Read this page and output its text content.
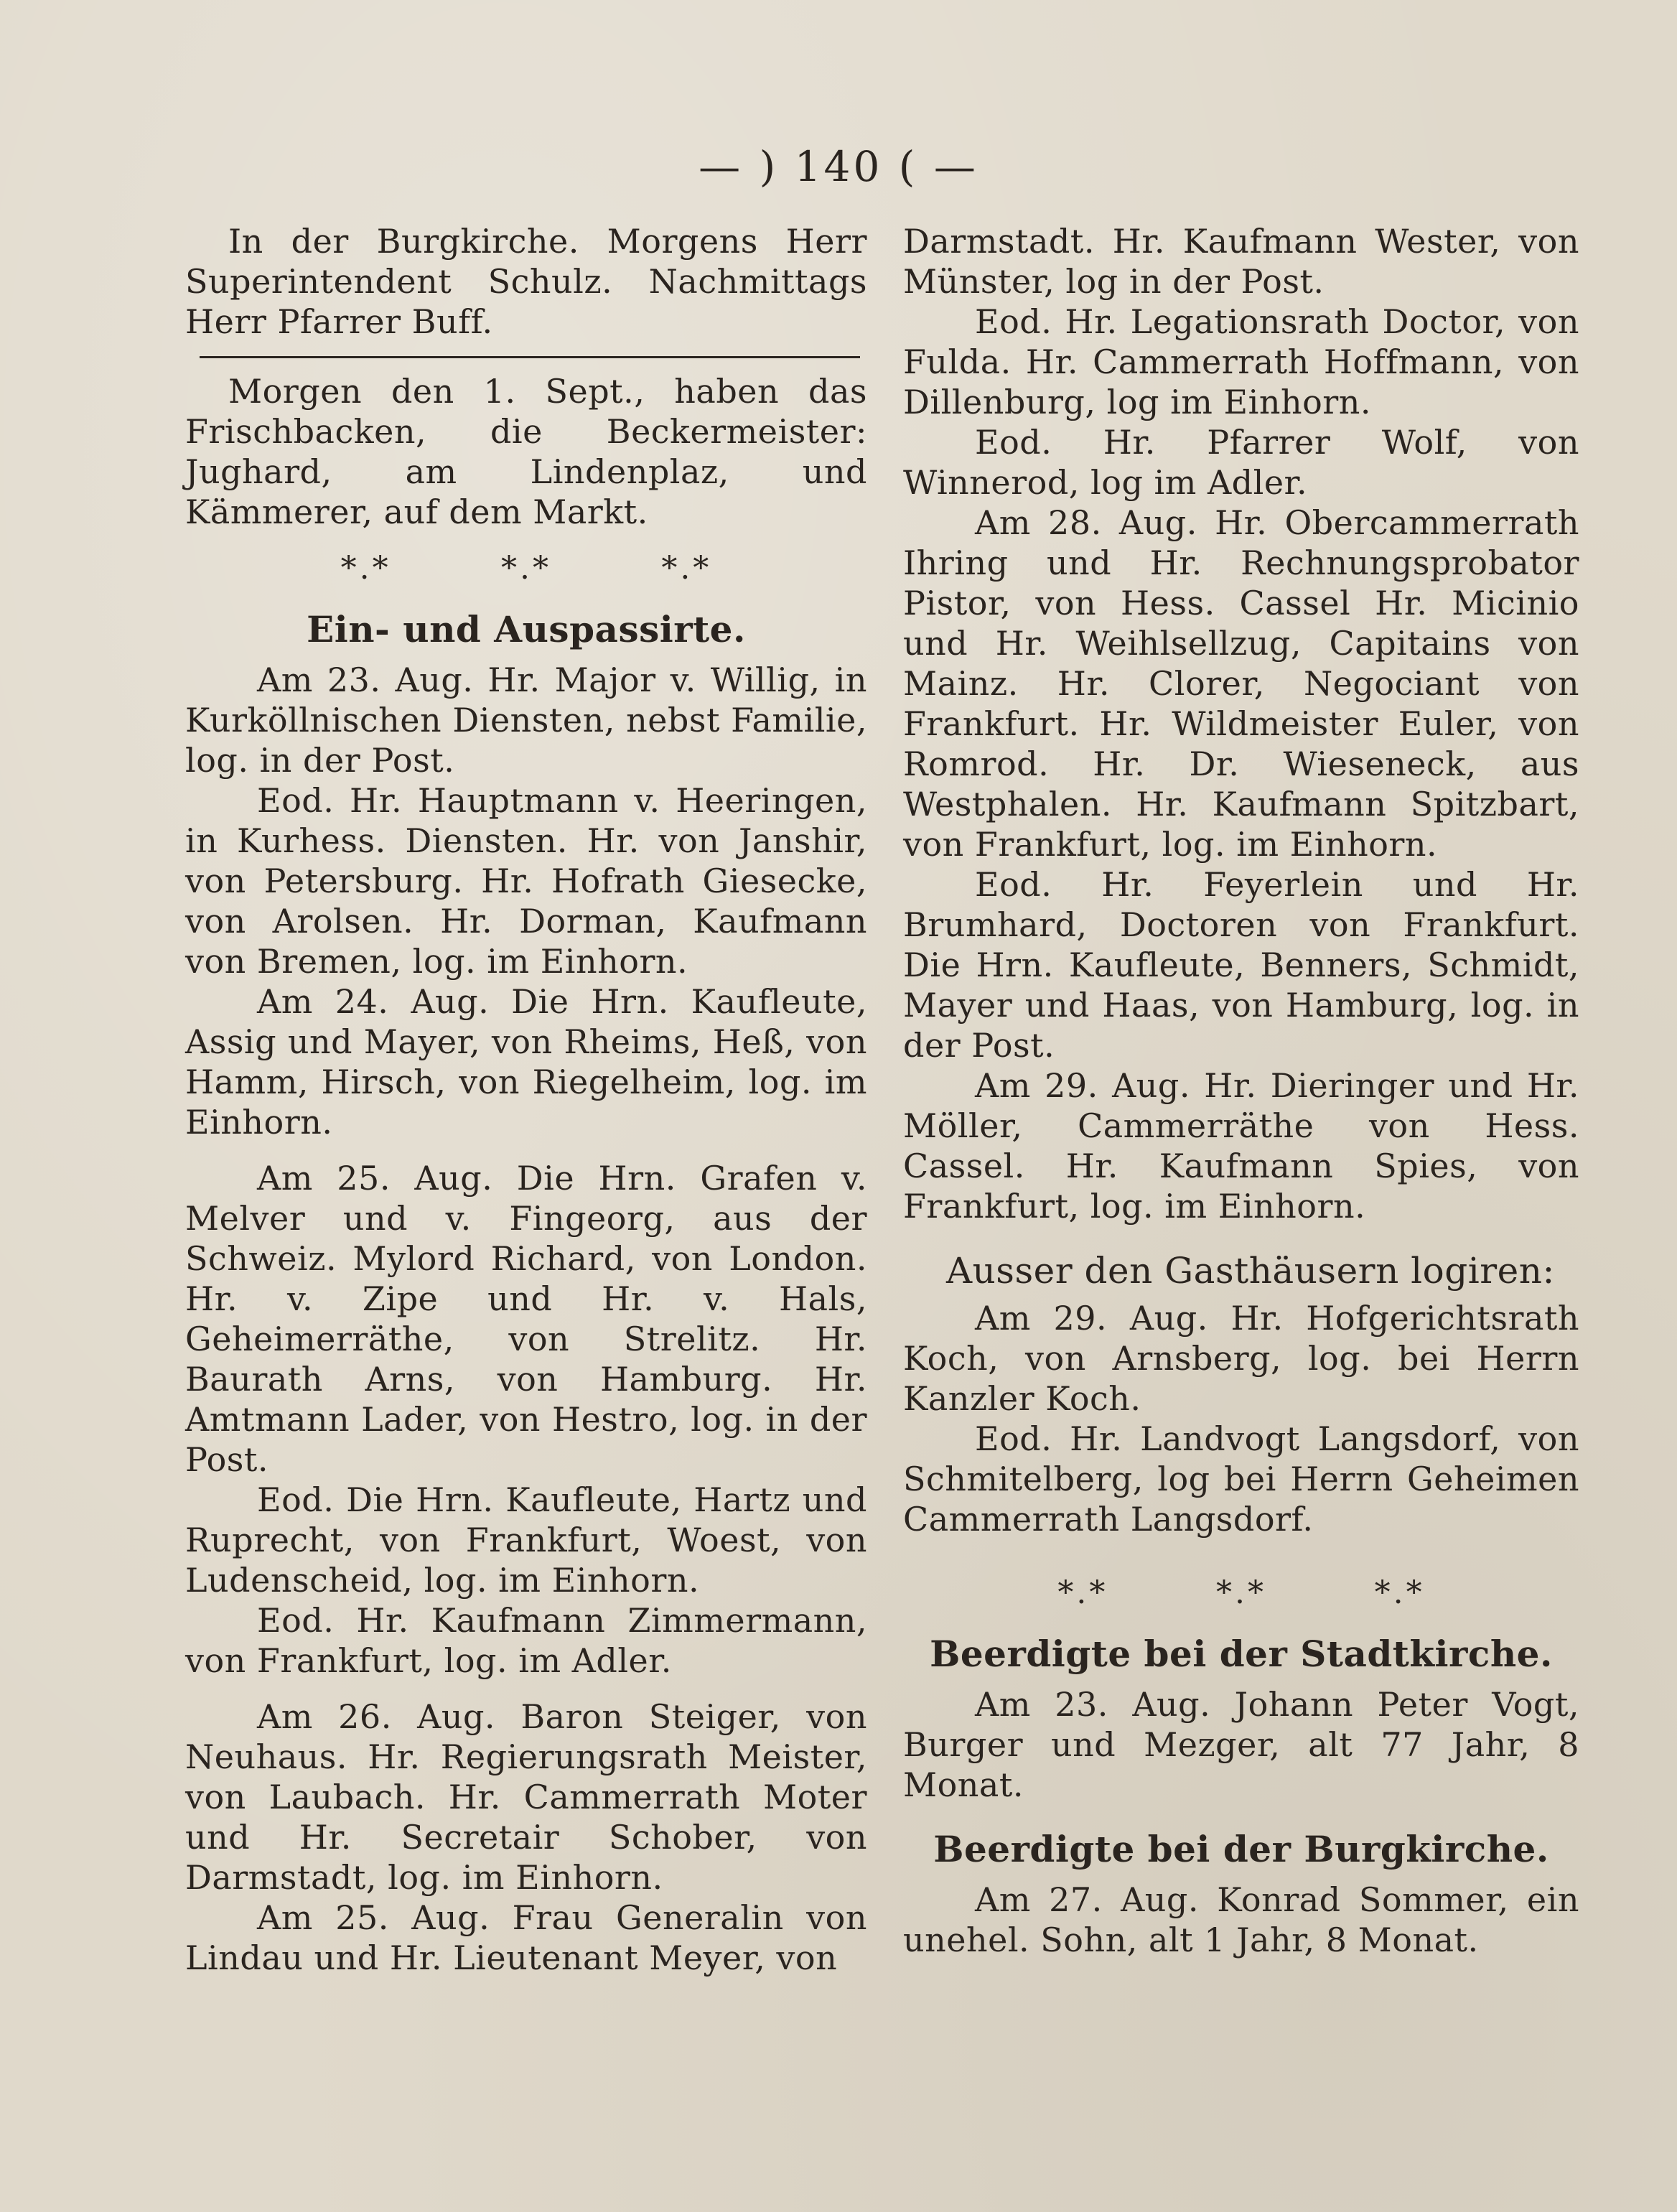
— ) 140 ( —

In der Burgkirche. Morgens Herr Superintendent Schulz. Nachmittags Herr Pfarrer Buff.

Morgen den 1. Sept., haben das Frischbacken, die Beckermeister: Jughard, am Lindenplaz, und Kämmerer, auf dem Markt.

*.*	*.*	*.*
Ein- und Auspassirte.

Am 23. Aug. Hr. Major v. Willig, in Kurköllnischen Diensten, nebst Familie, log. in der Post.

Eod. Hr. Hauptmann v. Heeringen, in Kurhess. Diensten. Hr. von Janshir, von Petersburg. Hr. Hofrath Giesecke, von Arolsen. Hr. Dorman, Kaufmann von Bremen, log. im Einhorn.

Am 24. Aug. Die Hrn. Kaufleute, Assig und Mayer, von Rheims, Heß, von Hamm, Hirsch, von Riegelheim, log. im Einhorn.

Am 25. Aug. Die Hrn. Grafen v. Melver und v. Fingeorg, aus der Schweiz. Mylord Richard, von London. Hr. v. Zipe und Hr. v. Hals, Geheimerräthe, von Strelitz. Hr. Baurath Arns, von Hamburg. Hr. Amtmann Lader, von Hestro, log. in der Post.

Eod. Die Hrn. Kaufleute, Hartz und Ruprecht, von Frankfurt, Woest, von Ludenscheid, log. im Einhorn.

Eod. Hr. Kaufmann Zimmermann, von Frankfurt, log. im Adler.

Am 26. Aug. Baron Steiger, von Neuhaus. Hr. Regierungsrath Meister, von Laubach. Hr. Cammerrath Moter und Hr. Secretair Schober, von Darmstadt, log. im Einhorn.

Am 25. Aug. Frau Generalin von Lindau und Hr. Lieutenant Meyer, von

Darmstadt. Hr. Kaufmann Wester, von Münster, log in der Post.

Eod. Hr. Legationsrath Doctor, von Fulda. Hr. Cammerrath Hoffmann, von Dillenburg, log im Einhorn.

Eod. Hr. Pfarrer Wolf, von Winnerod, log im Adler.

Am 28. Aug. Hr. Obercammerrath Ihring und Hr. Rechnungsprobator Pistor, von Hess. Cassel Hr. Micinio und Hr. Weihlsellzug, Capitains von Mainz. Hr. Clorer, Negociant von Frankfurt. Hr. Wildmeister Euler, von Romrod. Hr. Dr. Wieseneck, aus Westphalen. Hr. Kaufmann Spitzbart, von Frankfurt, log. im Einhorn.

Eod. Hr. Feyerlein und Hr. Brumhard, Doctoren von Frankfurt. Die Hrn. Kaufleute, Benners, Schmidt, Mayer und Haas, von Hamburg, log. in der Post.

Am 29. Aug. Hr. Dieringer und Hr. Möller, Cammerräthe von Hess. Cassel. Hr. Kaufmann Spies, von Frankfurt, log. im Einhorn.

Ausser den Gasthäusern logiren:

Am 29. Aug. Hr. Hofgerichtsrath Koch, von Arnsberg, log. bei Herrn Kanzler Koch.

Eod. Hr. Landvogt Langsdorf, von Schmitelberg, log bei Herrn Geheimen Cammerrath Langsdorf.

*.*	*.*	*.*
Beerdigte bei der Stadtkirche.

Am 23. Aug. Johann Peter Vogt, Burger und Mezger, alt 77 Jahr, 8 Monat.

Beerdigte bei der Burgkirche.

Am 27. Aug. Konrad Sommer, ein unehel. Sohn, alt 1 Jahr, 8 Monat.
